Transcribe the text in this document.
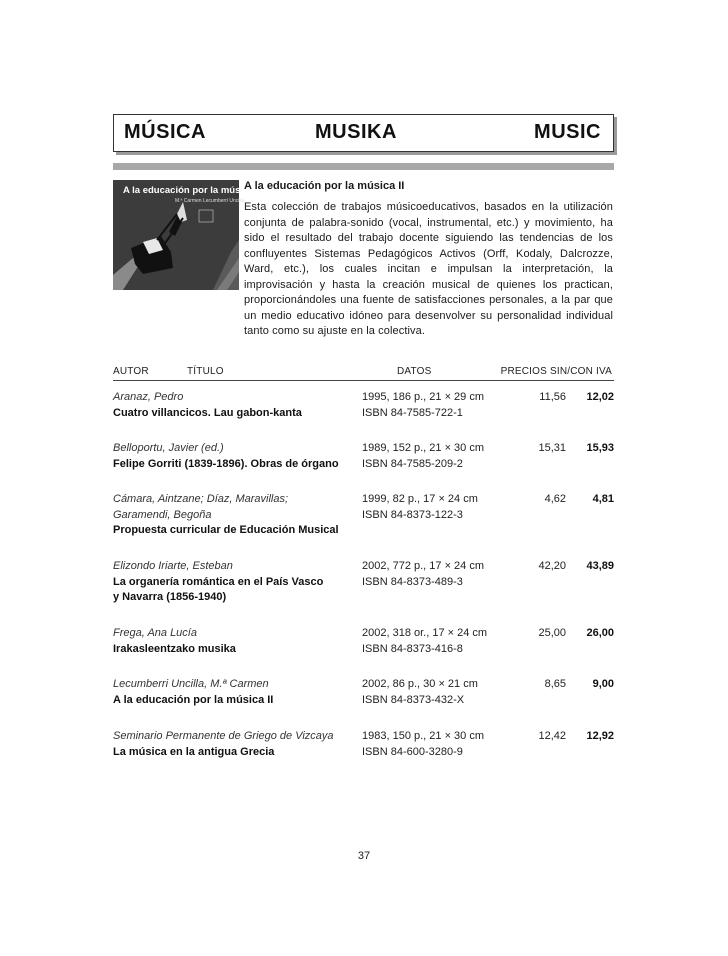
MÚSICA	MUSIKA	MUSIC
A la educación por la música II
M.ª Carmen Lecumberri Uncilla
A la educación por la música II
Esta colección de trabajos músicoeducativos, basados en la utilización conjunta de palabra-sonido (vocal, instrumental, etc.) y movimiento, ha sido el resultado del trabajo docente siguiendo las tendencias de los confluyentes Sistemas Pedagógicos Activos (Orff, Kodaly, Dalcrozze, Ward, etc.), los cuales incitan e impulsan la interpretación, la improvisación y hasta la creación musical de quienes los practican, proporcionándoles una fuente de satisfacciones personales, a la par que un medio educativo idóneo para desenvolver su personalidad individual tanto como su ajuste en la colectiva.
AUTOR	TÍTULO	DATOS	PRECIOS SIN/CON IVA
Aranaz, Pedro
Cuatro villancicos. Lau gabon-kanta
1995, 186 p., 21 × 29 cm
ISBN 84-7585-722-1
11,56 12,02
Belloportu, Javier (ed.)
Felipe Gorriti (1839-1896). Obras de órgano
1989, 152 p., 21 × 30 cm
ISBN 84-7585-209-2
15,31 15,93
Cámara, Aintzane; Díaz, Maravillas;
Garamendi, Begoña
Propuesta curricular de Educación Musical
1999, 82 p., 17 × 24 cm
ISBN 84-8373-122-3
4,62 4,81
Elizondo Iriarte, Esteban
La organería romántica en el País Vasco
y Navarra (1856-1940)
2002, 772 p., 17 × 24 cm
ISBN 84-8373-489-3
42,20 43,89
Frega, Ana Lucía
Irakasleentzako musika
2002, 318 or., 17 × 24 cm
ISBN 84-8373-416-8
25,00 26,00
Lecumberri Uncilla, M.ª Carmen
A la educación por la música II
2002, 86 p., 30 × 21 cm
ISBN 84-8373-432-X
8,65 9,00
Seminario Permanente de Griego de Vizcaya
La música en la antigua Grecia
1983, 150 p., 21 × 30 cm
ISBN 84-600-3280-9
12,42 12,92
37
